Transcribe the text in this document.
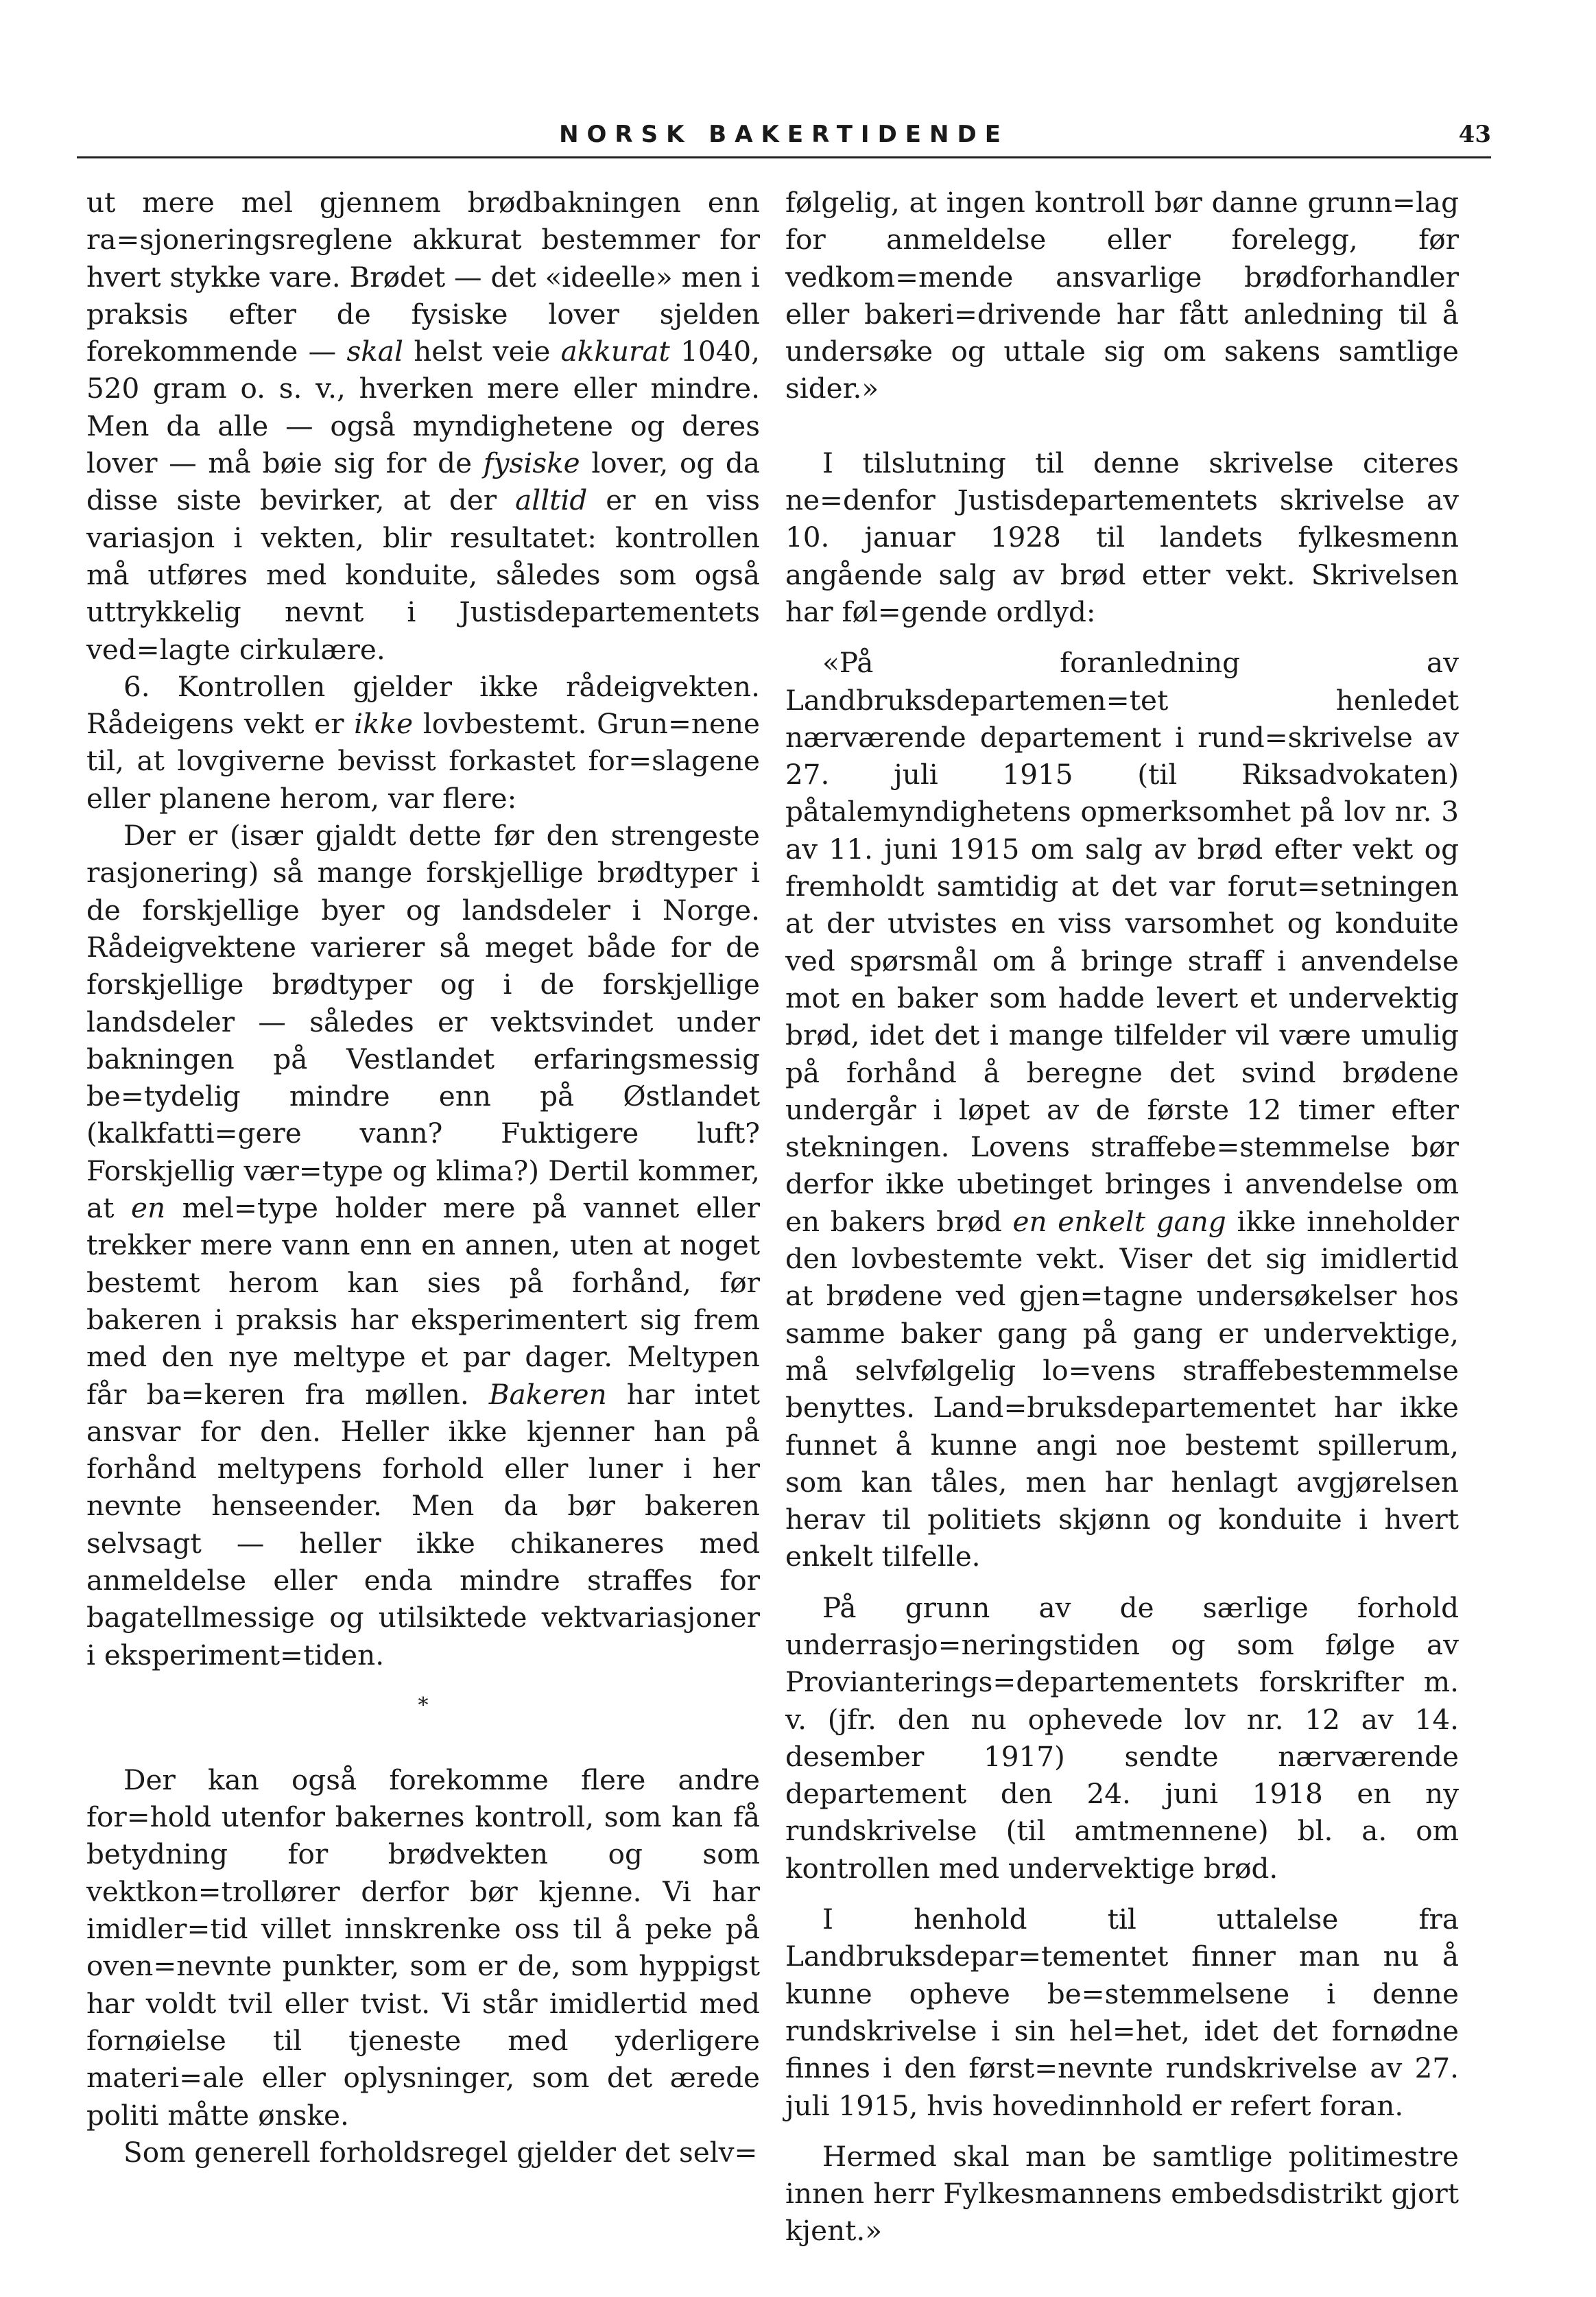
NORSK BAKERTIDENDE	43

ut mere mel gjennem brødbakningen enn ra=sjoneringsreglene akkurat bestemmer for hvert stykke vare. Brødet — det «ideelle» men i praksis efter de fysiske lover sjelden forekommende — skal helst veie akkurat 1040, 520 gram o. s. v., hverken mere eller mindre. Men da alle — også myndighetene og deres lover — må bøie sig for de fysiske lover, og da disse siste bevirker, at der alltid er en viss variasjon i vekten, blir resultatet: kontrollen må utføres med konduite, således som også uttrykkelig nevnt i Justisdepartementets ved=lagte cirkulære.

6. Kontrollen gjelder ikke rådeigvekten. Rådeigens vekt er ikke lovbestemt. Grun=nene til, at lovgiverne bevisst forkastet for=slagene eller planene herom, var flere:

Der er (især gjaldt dette før den strengeste rasjonering) så mange forskjellige brødtyper i de forskjellige byer og landsdeler i Norge. Rådeigvektene varierer så meget både for de forskjellige brødtyper og i de forskjellige landsdeler — således er vektsvindet under bakningen på Vestlandet erfaringsmessig be=tydelig mindre enn på Østlandet (kalkfatti=gere vann? Fuktigere luft? Forskjellig vær=type og klima?) Dertil kommer, at en mel=type holder mere på vannet eller trekker mere vann enn en annen, uten at noget bestemt herom kan sies på forhånd, før bakeren i praksis har eksperimentert sig frem med den nye meltype et par dager. Meltypen får ba=keren fra møllen. Bakeren har intet ansvar for den. Heller ikke kjenner han på forhånd meltypens forhold eller luner i her nevnte henseender. Men da bør bakeren selvsagt — heller ikke chikaneres med anmeldelse eller enda mindre straffes for bagatellmessige og utilsiktede vektvariasjoner i eksperiment=tiden.

*

Der kan også forekomme flere andre for=hold utenfor bakernes kontroll, som kan få betydning for brødvekten og som vektkon=trollører derfor bør kjenne. Vi har imidler=tid villet innskrenke oss til å peke på oven=nevnte punkter, som er de, som hyppigst har voldt tvil eller tvist. Vi står imidlertid med fornøielse til tjeneste med yderligere materi=ale eller oplysninger, som det ærede politi måtte ønske.

Som generell forholdsregel gjelder det selv=

følgelig, at ingen kontroll bør danne grunn=lag for anmeldelse eller forelegg, før vedkom=mende ansvarlige brødforhandler eller bakeri=drivende har fått anledning til å undersøke og uttale sig om sakens samtlige sider.»

I tilslutning til denne skrivelse citeres ne=denfor Justisdepartementets skrivelse av 10. januar 1928 til landets fylkesmenn angående salg av brød etter vekt. Skrivelsen har føl=gende ordlyd:

«På foranledning av Landbruksdepartemen=tet henledet nærværende departement i rund=skrivelse av 27. juli 1915 (til Riksadvokaten) påtalemyndighetens opmerksomhet på lov nr. 3 av 11. juni 1915 om salg av brød efter vekt og fremholdt samtidig at det var forut=setningen at der utvistes en viss varsomhet og konduite ved spørsmål om å bringe straff i anvendelse mot en baker som hadde levert et undervektig brød, idet det i mange tilfelder vil være umulig på forhånd å beregne det svind brødene undergår i løpet av de første 12 timer efter stekningen. Lovens straffebe=stemmelse bør derfor ikke ubetinget bringes i anvendelse om en bakers brød en enkelt gang ikke inneholder den lovbestemte vekt. Viser det sig imidlertid at brødene ved gjen=tagne undersøkelser hos samme baker gang på gang er undervektige, må selvfølgelig lo=vens straffebestemmelse benyttes. Land=bruksdepartementet har ikke funnet å kunne angi noe bestemt spillerum, som kan tåles, men har henlagt avgjørelsen herav til politiets skjønn og konduite i hvert enkelt tilfelle.

På grunn av de særlige forhold underrasjo=neringstiden og som følge av Provianterings=departementets forskrifter m. v. (jfr. den nu ophevede lov nr. 12 av 14. desember 1917) sendte nærværende departement den 24. juni 1918 en ny rundskrivelse (til amtmennene) bl. a. om kontrollen med undervektige brød.

I henhold til uttalelse fra Landbruksdepar=tementet finner man nu å kunne opheve be=stemmelsene i denne rundskrivelse i sin hel=het, idet det fornødne finnes i den først=nevnte rundskrivelse av 27. juli 1915, hvis hovedinnhold er refert foran.

Hermed skal man be samtlige politimestre innen herr Fylkesmannens embedsdistrikt gjort kjent.»
